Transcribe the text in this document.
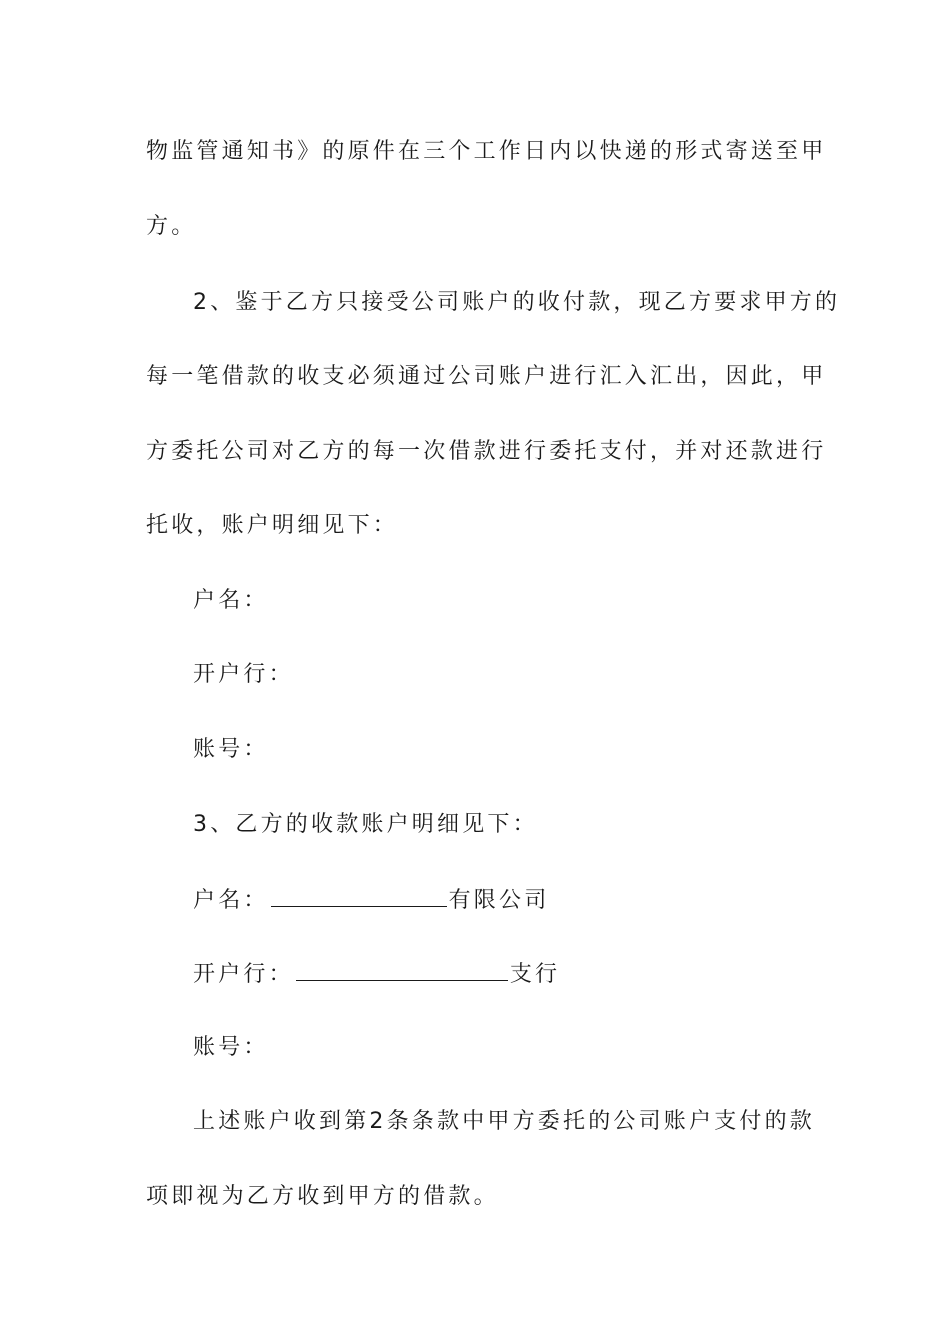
物监管通知书》的原件在三个工作日内以快递的形式寄送至甲
方。
2、鉴于乙方只接受公司账户的收付款，现乙方要求甲方的
每一笔借款的收支必须通过公司账户进行汇入汇出，因此，甲
方委托公司对乙方的每一次借款进行委托支付，并对还款进行
托收，账户明细见下：
户名：
开户行：
账号：
3、乙方的收款账户明细见下：
户名：	有限公司
开户行：	支行
账号：
上述账户收到第2条条款中甲方委托的公司账户支付的款
项即视为乙方收到甲方的借款。
